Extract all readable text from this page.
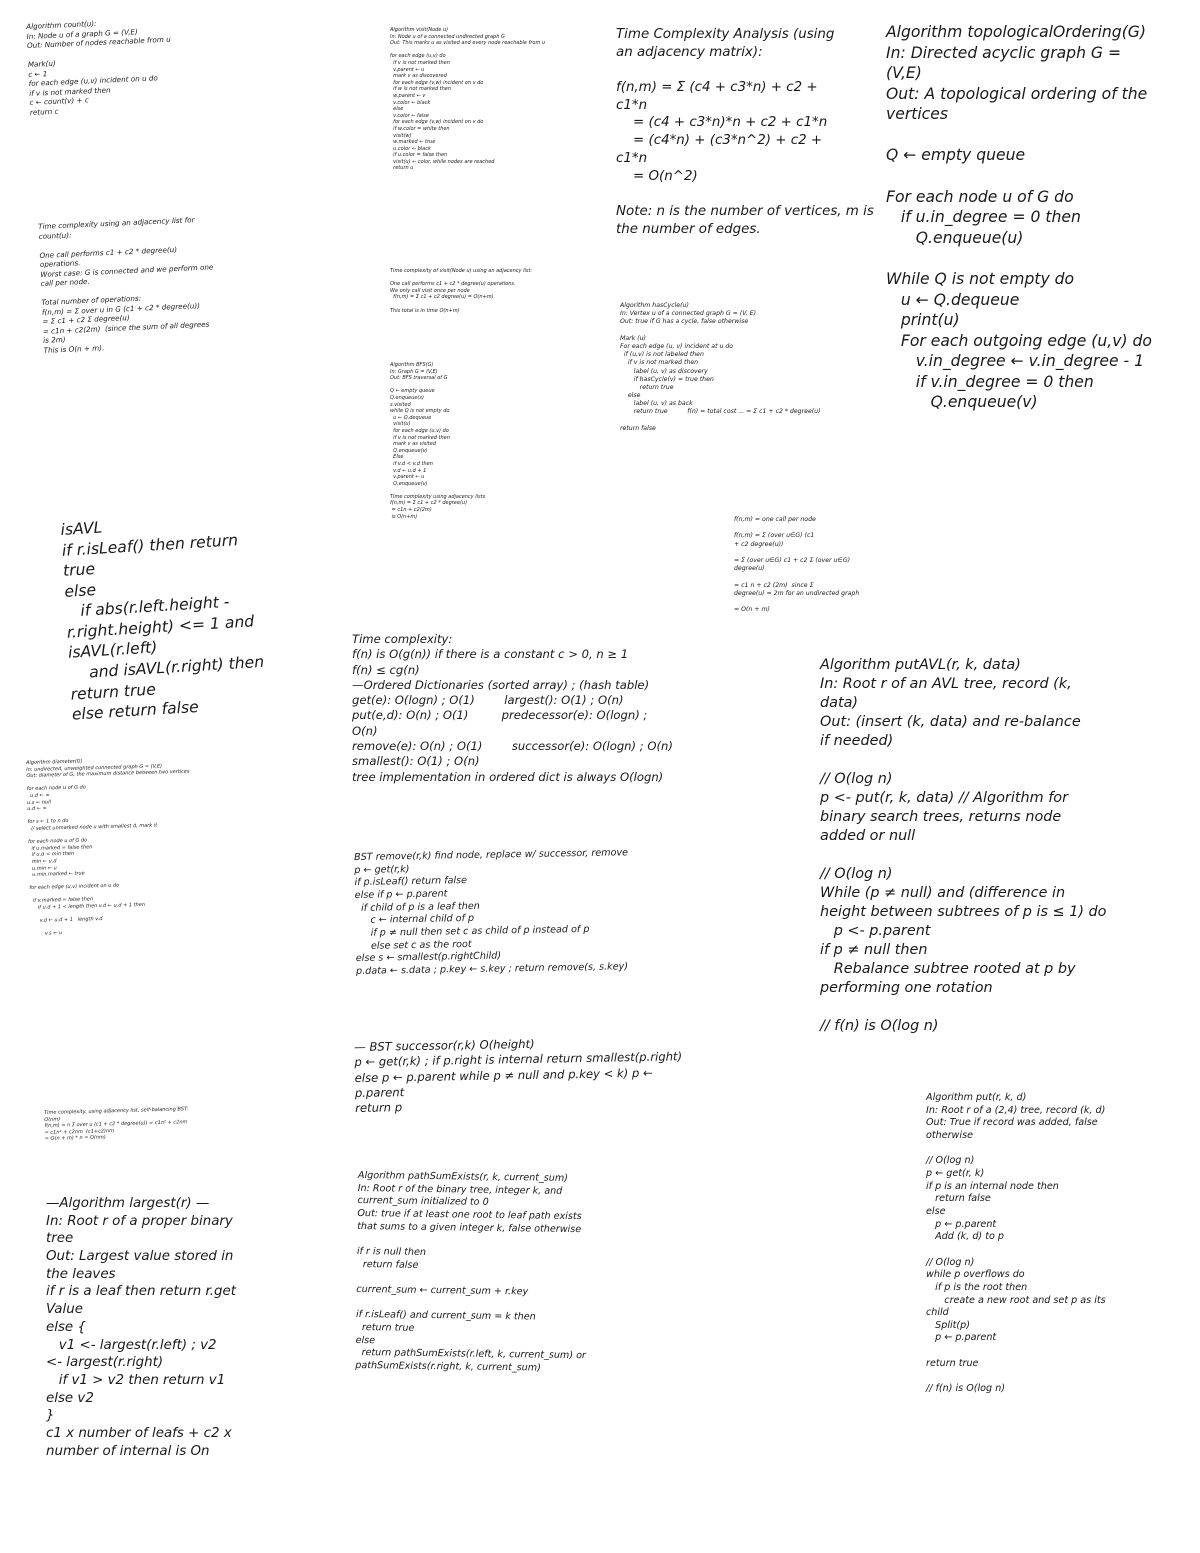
Algorithm count(u):
In: Node u of a graph G = (V,E)
Out: Number of nodes reachable from u

Mark(u)
c ← 1
for each edge (u,v) incident on u do
if v is not marked then
c ← count(v) + c
return c
Time complexity using an adjacency list for
count(u):

One call performs c1 + c2 * degree(u)
operations.
Worst case: G is connected and we perform one
call per node.

Total number of operations:
f(n,m) = Σ over u in G (c1 + c2 * degree(u))
= Σ c1 + c2 Σ degree(u)
= c1n + c2(2m)  (since the sum of all degrees
is 2m)
This is O(n + m).
isAVL
if r.isLeaf() then return
true
else
if abs(r.left.height -
r.right.height) <= 1 and
isAVL(r.left)
and isAVL(r.right) then
return true
else return false
Algorithm diameter(G)
In: undirected, unweighted connected graph G = (V,E)
Out: diameter of G, the maximum distance between two vertices

for each node u of G do
u.d ← ∞
u.s ← null
u.d ← ∞

for s ← 1 to n do
// select unmarked node u with smallest d, mark it

for each node u of G do
if u.marked = false then
if u.d < min then
min ← u.d
u.min ← u
u.min.marked ← true

for each edge (u,v) incident on u do

if v.marked = false then
if u.d + 1 < length then v.d ← u.d + 1 then

v.d ← u.d + 1   length v.d

v.s ← u
Time complexity, using adjacency list, self-balancing BST:
O(nm)
f(n,m) = n Σ over u (c1 + c2 * degree(u)) = c1n² + c2nm
= c1n² + c2nm  (c1+c2)nm
= O(n + m) * n = O(nm)
—Algorithm largest(r) —
In: Root r of a proper binary
tree
Out: Largest value stored in
the leaves
if r is a leaf then return r.get
Value
else {
v1 <- largest(r.left) ; v2
<- largest(r.right)
if v1 > v2 then return v1
else v2
}
c1 x number of leafs + c2 x
number of internal is On
Algorithm visit(Node u)
In: Node u of a connected undirected graph G
Out: This marks u as visited and every node reachable from u

for each edge (u,v) do
if v is not marked then
v.parent ← u
mark v as discovered
for each edge (v,w) incident on v do
if w is not marked then
w.parent ← v
v.color ← black
else
v.color ← false
for each edge (v,w) incident on v do
if w.color = white then
visit(w)
w.marked ← true
u.color ← black
if u.color = false then
visit(u) ← color, while nodes are reached
return u
Time complexity of visit(Node u) using an adjacency list:

One call performs c1 + c2 * degree(u) operations.
We only call visit once per node
f(n,m) = Σ c1 + c2 degree(u) = O(n+m)

This total is in time O(n+m)
Algorithm BFS(G)
In: Graph G = (V,E)
Out: BFS traversal of G

Q ← empty queue
Q.enqueue(s)
s.visited
while Q is not empty do
u ← Q.dequeue
visit(u)
for each edge (u,v) do
if v is not marked then
mark v as visited
Q.enqueue(v)
Else
if v.d < v.d then
v.d ← u.d + 1
v.parent ← u
Q.enqueue(v)

Time complexity using adjacency lists
f(n,m) = Σ c1 + c2 * degree(u)
= c1n + c2(2m)
is O(n+m)
Time complexity:
f(n) is O(g(n)) if there is a constant c > 0, n ≥ 1
f(n) ≤ cg(n)
—Ordered Dictionaries (sorted array) ; (hash table)
get(e): O(logn) ; O(1)        largest(): O(1) ; O(n)
put(e,d): O(n) ; O(1)         predecessor(e): O(logn) ;
O(n)
remove(e): O(n) ; O(1)        successor(e): O(logn) ; O(n)
smallest(): O(1) ; O(n)
tree implementation in ordered dict is always O(logn)
BST remove(r,k) find node, replace w/ successor, remove
p ← get(r,k)
if p.isLeaf() return false
else if p ← p.parent
if child of p is a leaf then
c ← internal child of p
if p ≠ null then set c as child of p instead of p
else set c as the root
else s ← smallest(p.rightChild)
p.data ← s.data ; p.key ← s.key ; return remove(s, s.key)
— BST successor(r,k) O(height)
p ← get(r,k) ; if p.right is internal return smallest(p.right)
else p ← p.parent while p ≠ null and p.key < k) p ←
p.parent
return p
Algorithm pathSumExists(r, k, current_sum)
In: Root r of the binary tree, integer k, and
current_sum initialized to 0
Out: true if at least one root to leaf path exists
that sums to a given integer k, false otherwise

if r is null then
return false

current_sum ← current_sum + r.key

if r.isLeaf() and current_sum = k then
return true
else
return pathSumExists(r.left, k, current_sum) or
pathSumExists(r.right, k, current_sum)
Time Complexity Analysis (using
an adjacency matrix):

f(n,m) = Σ (c4 + c3*n) + c2 +
c1*n
= (c4 + c3*n)*n + c2 + c1*n
= (c4*n) + (c3*n^2) + c2 +
c1*n
= O(n^2)

Note: n is the number of vertices, m is
the number of edges.
Algorithm hasCycle(u)
In: Vertex u of a connected graph G = (V, E)
Out: true if G has a cycle, false otherwise

Mark (u)
For each edge (u, v) incident at u do
if (u,v) is not labeled then
if v is not marked then
label (u, v) as discovery
if hasCycle(v) = true then
return true
else
label (u, v) as back
return true          f(n) = total cost ... = Σ c1 + c2 * degree(u)

return false
f(n,m) = one call per node

f(n,m) = Σ (over u∈G) (c1
+ c2 degree(u))

= Σ (over u∈G) c1 + c2 Σ (over u∈G)
degree(u)

= c1 n + c2 (2m)  since Σ
degree(u) = 2m for an undirected graph

= O(n + m)
Algorithm putAVL(r, k, data)
In: Root r of an AVL tree, record (k,
data)
Out: (insert (k, data) and re-balance
if needed)

// O(log n)
p <- put(r, k, data) // Algorithm for
binary search trees, returns node
added or null

// O(log n)
While (p ≠ null) and (difference in
height between subtrees of p is ≤ 1) do
p <- p.parent
if p ≠ null then
Rebalance subtree rooted at p by
performing one rotation

// f(n) is O(log n)
Algorithm topologicalOrdering(G)
In: Directed acyclic graph G =
(V,E)
Out: A topological ordering of the
vertices

Q ← empty queue

For each node u of G do
if u.in_degree = 0 then
Q.enqueue(u)

While Q is not empty do
u ← Q.dequeue
print(u)
For each outgoing edge (u,v) do
v.in_degree ← v.in_degree - 1
if v.in_degree = 0 then
Q.enqueue(v)
Algorithm put(r, k, d)
In: Root r of a (2,4) tree, record (k, d)
Out: True if record was added, false
otherwise

// O(log n)
p ← get(r, k)
if p is an internal node then
return false
else
p ← p.parent
Add (k, d) to p

// O(log n)
while p overflows do
if p is the root then
create a new root and set p as its
child
Split(p)
p ← p.parent

return true

// f(n) is O(log n)
